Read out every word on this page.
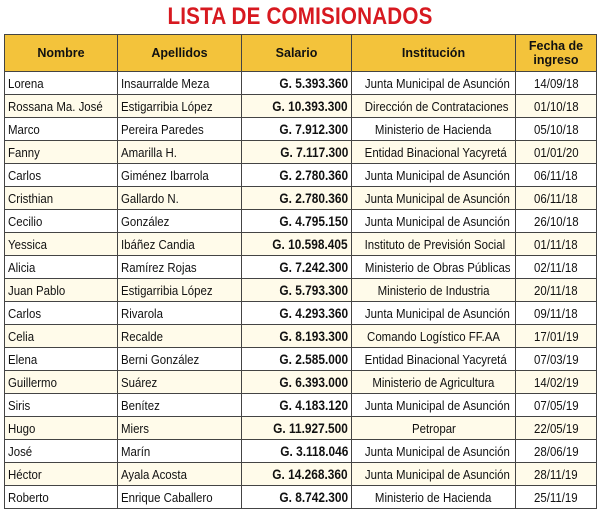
LISTA DE COMISIONADOS
Nombre	Apellidos	Salario	Institución	Fecha de ingreso
Lorena	Insaurralde Meza	G. 5.393.360	Junta Municipal de Asunción	14/09/18
Rossana Ma. José	Estigarribia López	G. 10.393.300	Dirección de Contrataciones	01/10/18
Marco	Pereira Paredes	G. 7.912.300	Ministerio de Hacienda	05/10/18
Fanny	Amarilla H.	G. 7.117.300	Entidad Binacional Yacyretá	01/01/20
Carlos	Giménez Ibarrola	G. 2.780.360	Junta Municipal de Asunción	06/11/18
Cristhian	Gallardo N.	G. 2.780.360	Junta Municipal de Asunción	06/11/18
Cecilio	González	G. 4.795.150	Junta Municipal de Asunción	26/10/18
Yessica	Ibáñez Candia	G. 10.598.405	Instituto de Previsión Social	01/11/18
Alicia	Ramírez Rojas	G. 7.242.300	Ministerio de Obras Públicas	02/11/18
Juan Pablo	Estigarribia López	G. 5.793.300	Ministerio de Industria	20/11/18
Carlos	Rivarola	G. 4.293.360	Junta Municipal de Asunción	09/11/18
Celia	Recalde	G. 8.193.300	Comando Logístico FF.AA	17/01/19
Elena	Berni González	G. 2.585.000	Entidad Binacional Yacyretá	07/03/19
Guillermo	Suárez	G. 6.393.000	Ministerio de Agricultura	14/02/19
Siris	Benítez	G. 4.183.120	Junta Municipal de Asunción	07/05/19
Hugo	Miers	G. 11.927.500	Petropar	22/05/19
José	Marín	G. 3.118.046	Junta Municipal de Asunción	28/06/19
Héctor	Ayala Acosta	G. 14.268.360	Junta Municipal de Asunción	28/11/19
Roberto	Enrique Caballero	G. 8.742.300	Ministerio de Hacienda	25/11/19
